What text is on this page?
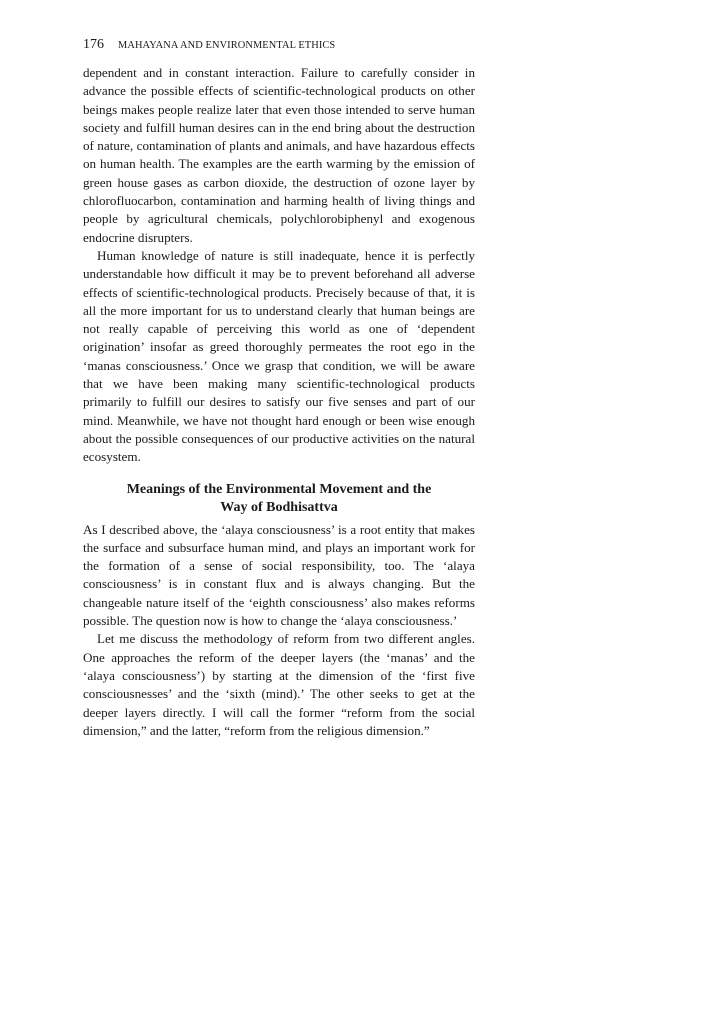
176 MAHAYANA AND ENVIRONMENTAL ETHICS

dependent and in constant interaction. Failure to carefully consider in advance the possible effects of scientific-technological products on other beings makes people realize later that even those intended to serve human society and fulfill human desires can in the end bring about the destruction of nature, contamination of plants and animals, and have hazardous effects on human health. The examples are the earth warming by the emission of green house gases as carbon dioxide, the destruction of ozone layer by chlorofluocarbon, contamination and harming health of living things and people by agricultural chemicals, polychlorobiphenyl and exogenous endocrine disrupters.

Human knowledge of nature is still inadequate, hence it is perfectly understandable how difficult it may be to prevent beforehand all adverse effects of scientific-technological products. Precisely because of that, it is all the more important for us to understand clearly that human beings are not really capable of perceiving this world as one of ‘dependent origination’ insofar as greed thoroughly permeates the root ego in the ‘manas consciousness.’ Once we grasp that condition, we will be aware that we have been making many scientific-technological products primarily to fulfill our desires to satisfy our five senses and part of our mind. Meanwhile, we have not thought hard enough or been wise enough about the possible consequences of our productive activities on the natural ecosystem.

Meanings of the Environmental Movement and the
Way of Bodhisattva

As I described above, the ‘alaya consciousness’ is a root entity that makes the surface and subsurface human mind, and plays an important work for the formation of a sense of social responsibility, too. The ‘alaya consciousness’ is in constant flux and is always changing. But the changeable nature itself of the ‘eighth consciousness’ also makes reforms possible. The question now is how to change the ‘alaya consciousness.’

Let me discuss the methodology of reform from two different angles. One approaches the reform of the deeper layers (the ‘manas’ and the ‘alaya consciousness’) by starting at the dimension of the ‘first five consciousnesses’ and the ‘sixth (mind).’ The other seeks to get at the deeper layers directly. I will call the former “reform from the social dimension,” and the latter, “reform from the religious dimension.”
